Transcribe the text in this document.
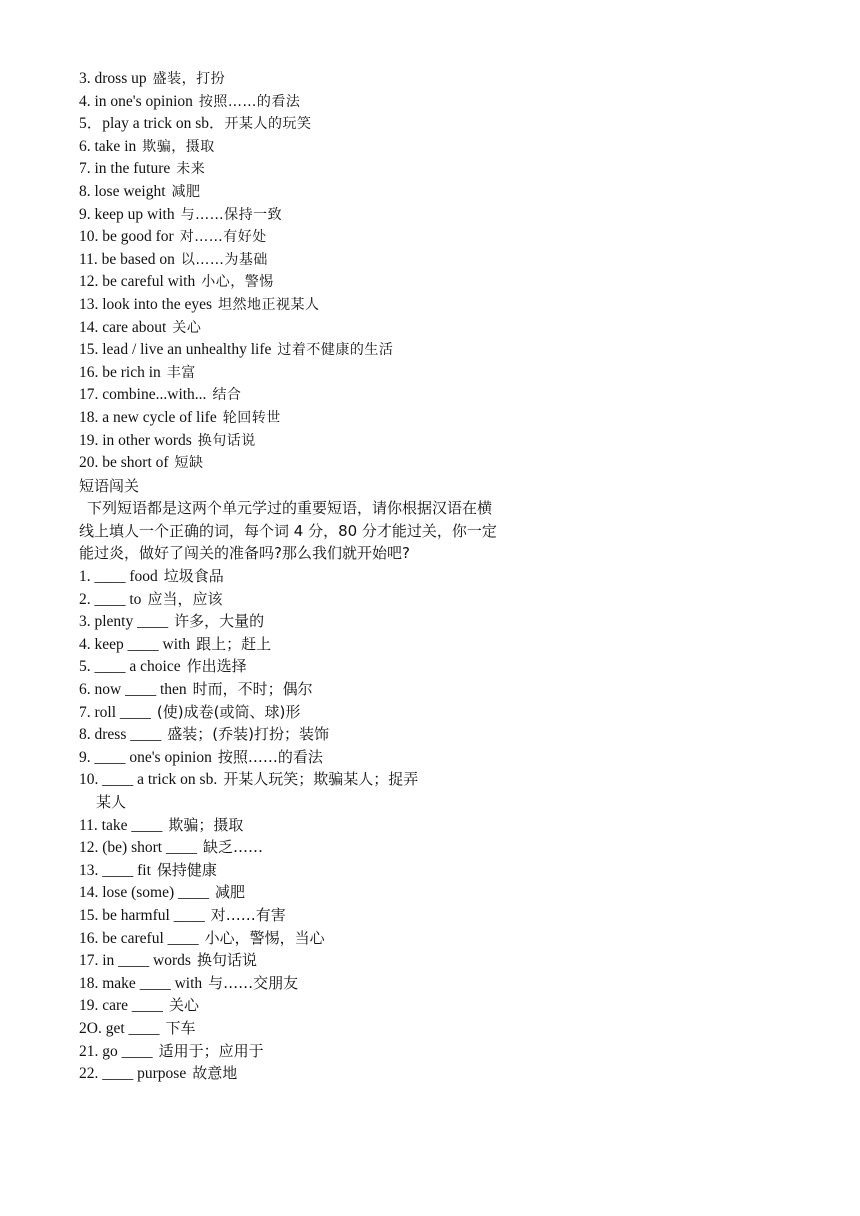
3. dross up 盛装，打扮
4. in one's opinion 按照……的看法
5．play a trick on sb．开某人的玩笑
6. take in 欺骗，摄取
7. in the future 未来
8. lose weight 减肥
9. keep up with 与……保持一致
10. be good for 对……有好处
11. be based on 以……为基础
12. be careful with 小心，警惕
13. look into the eyes 坦然地正视某人
14. care about 关心
15. lead / live an unhealthy life 过着不健康的生活
16. be rich in 丰富
17. combine...with... 结合
18. a new cycle of life 轮回转世
19. in other words 换句话说
20. be short of 短缺
短语闯关
下列短语都是这两个单元学过的重要短语，请你根据汉语在横线上填人一个正确的词，每个词 4 分，80 分才能过关，你一定能过炎，做好了闯关的准备吗?那么我们就开始吧?
1. ____ food 垃圾食品
2. ____ to 应当，应该
3. plenty ____ 许多，大量的
4. keep ____ with 跟上；赶上
5. ____ a choice 作出选择
6. now ____ then 时而，不时；偶尔
7. roll ____ (使)成卷(或筒、球)形
8. dress ____ 盛装；(乔装)打扮；装饰
9. ____ one's opinion 按照……的看法
10. ____ a trick on sb. 开某人玩笑；欺骗某人；捉弄
某人
11. take ____ 欺骗；摄取
12. (be) short ____ 缺乏……
13. ____ fit 保持健康
14. lose (some) ____ 减肥
15. be harmful ____ 对……有害
16. be careful ____ 小心，警惕，当心
17. in ____ words 换句话说
18. make ____ with 与……交朋友
19. care ____ 关心
2O. get ____ 下车
21. go ____ 适用于；应用于
22. ____ purpose 故意地
